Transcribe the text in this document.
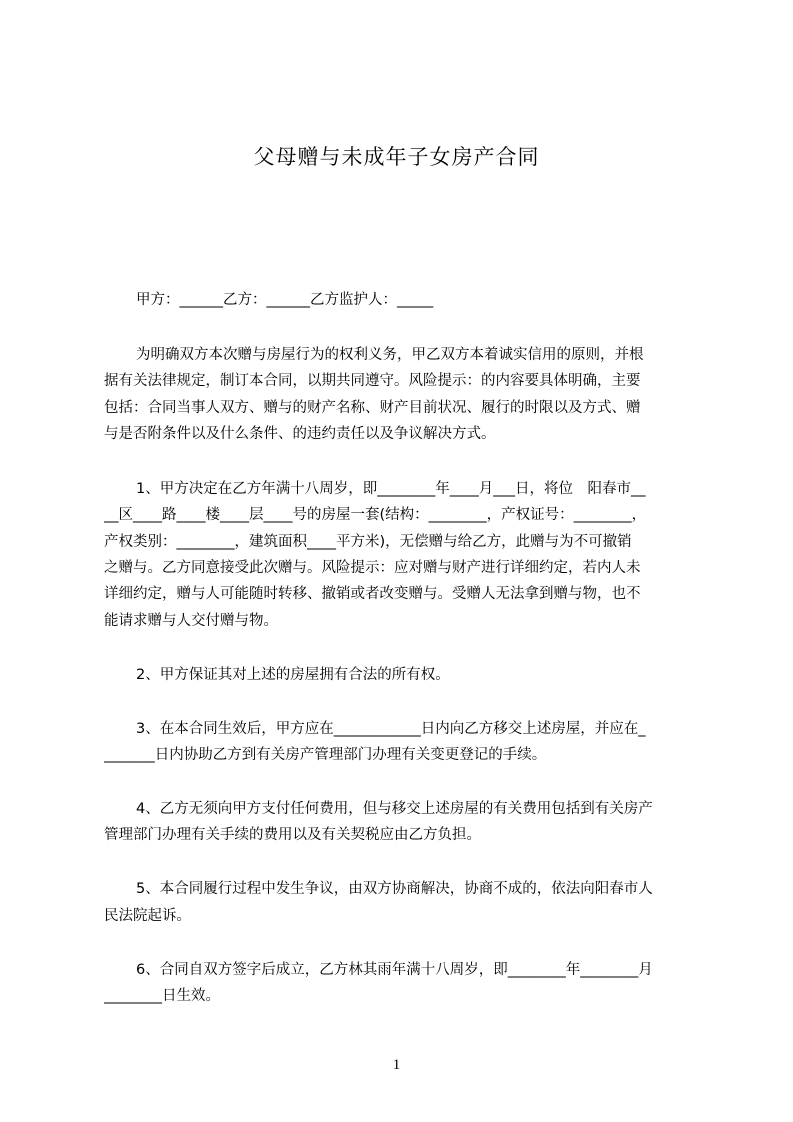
父母赠与未成年子女房产合同
甲方：______乙方：______乙方监护人：_____
为明确双方本次赠与房屋行为的权利义务，甲乙双方本着诚实信用的原则，并根
据有关法律规定，制订本合同，以期共同遵守。风险提示：的内容要具体明确，主要
包括：合同当事人双方、赠与的财产名称、财产目前状况、履行的时限以及方式、赠
与是否附条件以及什么条件、的违约责任以及争议解决方式。
1、甲方决定在乙方年满十八周岁，即________年____月___日，将位　阳春市__
__区____路____楼____层____号的房屋一套(结构：________，产权证号：________，
产权类别：________，建筑面积____平方米)，无偿赠与给乙方，此赠与为不可撤销
之赠与。乙方同意接受此次赠与。风险提示：应对赠与财产进行详细约定，若内人未
详细约定，赠与人可能随时转移、撤销或者改变赠与。受赠人无法拿到赠与物，也不
能请求赠与人交付赠与物。
2、甲方保证其对上述的房屋拥有合法的所有权。
3、在本合同生效后，甲方应在____________日内向乙方移交上述房屋，并应在_
_______日内协助乙方到有关房产管理部门办理有关变更登记的手续。
4、乙方无须向甲方支付任何费用，但与移交上述房屋的有关费用包括到有关房产
管理部门办理有关手续的费用以及有关契税应由乙方负担。
5、本合同履行过程中发生争议，由双方协商解决，协商不成的，依法向阳春市人
民法院起诉。
6、合同自双方签字后成立，乙方林其雨年满十八周岁，即________年________月
________日生效。
1
